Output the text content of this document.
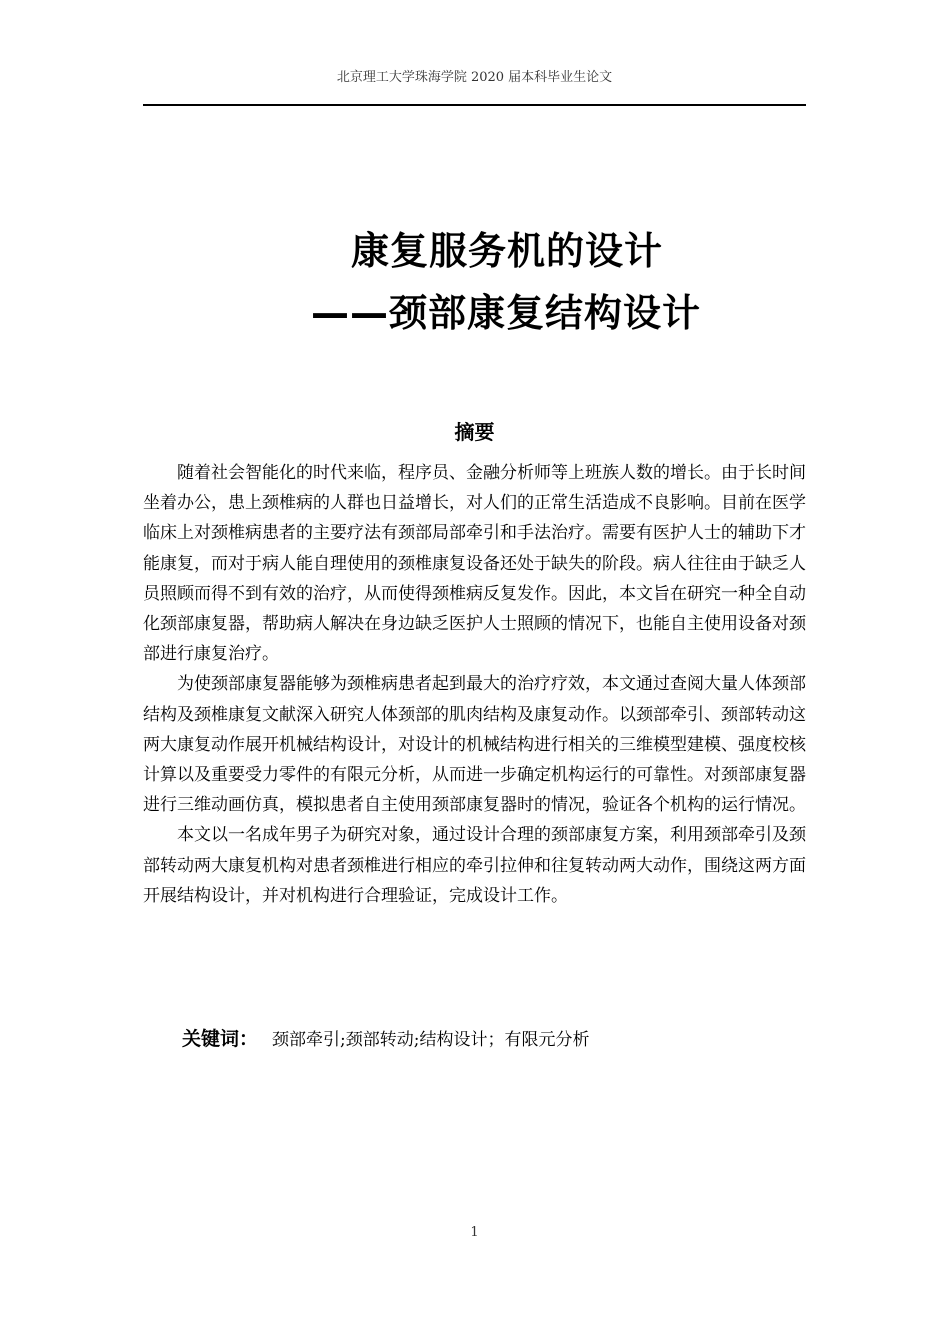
北京理工大学珠海学院 2020 届本科毕业生论文
康复服务机的设计
——颈部康复结构设计
摘要

随着社会智能化的时代来临，程序员、金融分析师等上班族人数的增长。由于长时间坐着办公，患上颈椎病的人群也日益增长，对人们的正常生活造成不良影响。目前在医学临床上对颈椎病患者的主要疗法有颈部局部牵引和手法治疗。需要有医护人士的辅助下才能康复，而对于病人能自理使用的颈椎康复设备还处于缺失的阶段。病人往往由于缺乏人员照顾而得不到有效的治疗，从而使得颈椎病反复发作。因此，本文旨在研究一种全自动化颈部康复器，帮助病人解决在身边缺乏医护人士照顾的情况下，也能自主使用设备对颈部进行康复治疗。

为使颈部康复器能够为颈椎病患者起到最大的治疗疗效，本文通过查阅大量人体颈部结构及颈椎康复文献深入研究人体颈部的肌肉结构及康复动作。以颈部牵引、颈部转动这两大康复动作展开机械结构设计，对设计的机械结构进行相关的三维模型建模、强度校核计算以及重要受力零件的有限元分析，从而进一步确定机构运行的可靠性。对颈部康复器进行三维动画仿真，模拟患者自主使用颈部康复器时的情况，验证各个机构的运行情况。

本文以一名成年男子为研究对象，通过设计合理的颈部康复方案，利用颈部牵引及颈部转动两大康复机构对患者颈椎进行相应的牵引拉伸和往复转动两大动作，围绕这两方面开展结构设计，并对机构进行合理验证，完成设计工作。

关键词： 颈部牵引;颈部转动;结构设计；有限元分析
1
